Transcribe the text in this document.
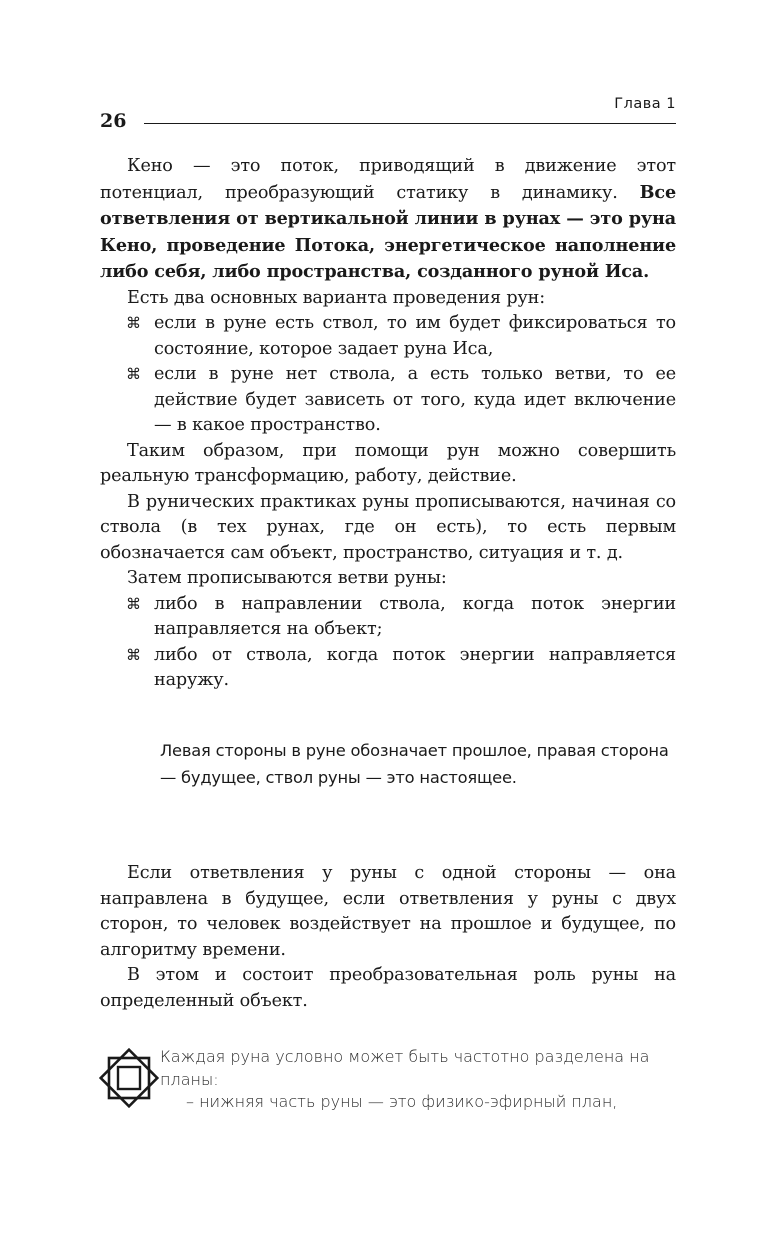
26
Глава 1

Кено — это поток, приводящий в движение этот потенциал, преобразующий статику в динамику. Все ответвления от вертикальной линии в рунах — это руна Кено, проведение Потока, энергетическое наполнение либо себя, либо пространства, созданного руной Иса.

Есть два основных варианта проведения рун:

⌘ если в руне есть ствол, то им будет фиксироваться то состояние, которое задает руна Иса,
⌘ если в руне нет ствола, а есть только ветви, то ее действие будет зависеть от того, куда идет включение — в какое пространство.

Таким образом, при помощи рун можно совершить реальную трансформацию, работу, действие.

В рунических практиках руны прописываются, начиная со ствола (в тех рунах, где он есть), то есть первым обозначается сам объект, пространство, ситуация и т. д.

Затем прописываются ветви руны:

⌘ либо в направлении ствола, когда поток энергии направляется на объект;
⌘ либо от ствола, когда поток энергии направляется наружу.
Левая стороны в руне обозначает прошлое, правая сторона — будущее, ствол руны — это настоящее.

Если ответвления у руны с одной стороны — она направлена в будущее, если ответвления у руны с двух сторон, то человек воздействует на прошлое и будущее, по алгоритму времени.

В этом и состоит преобразовательная роль руны на определенный объект.

Каждая руна условно может быть частотно разделена на планы:
– нижняя часть руны — это физико-эфирный план,
